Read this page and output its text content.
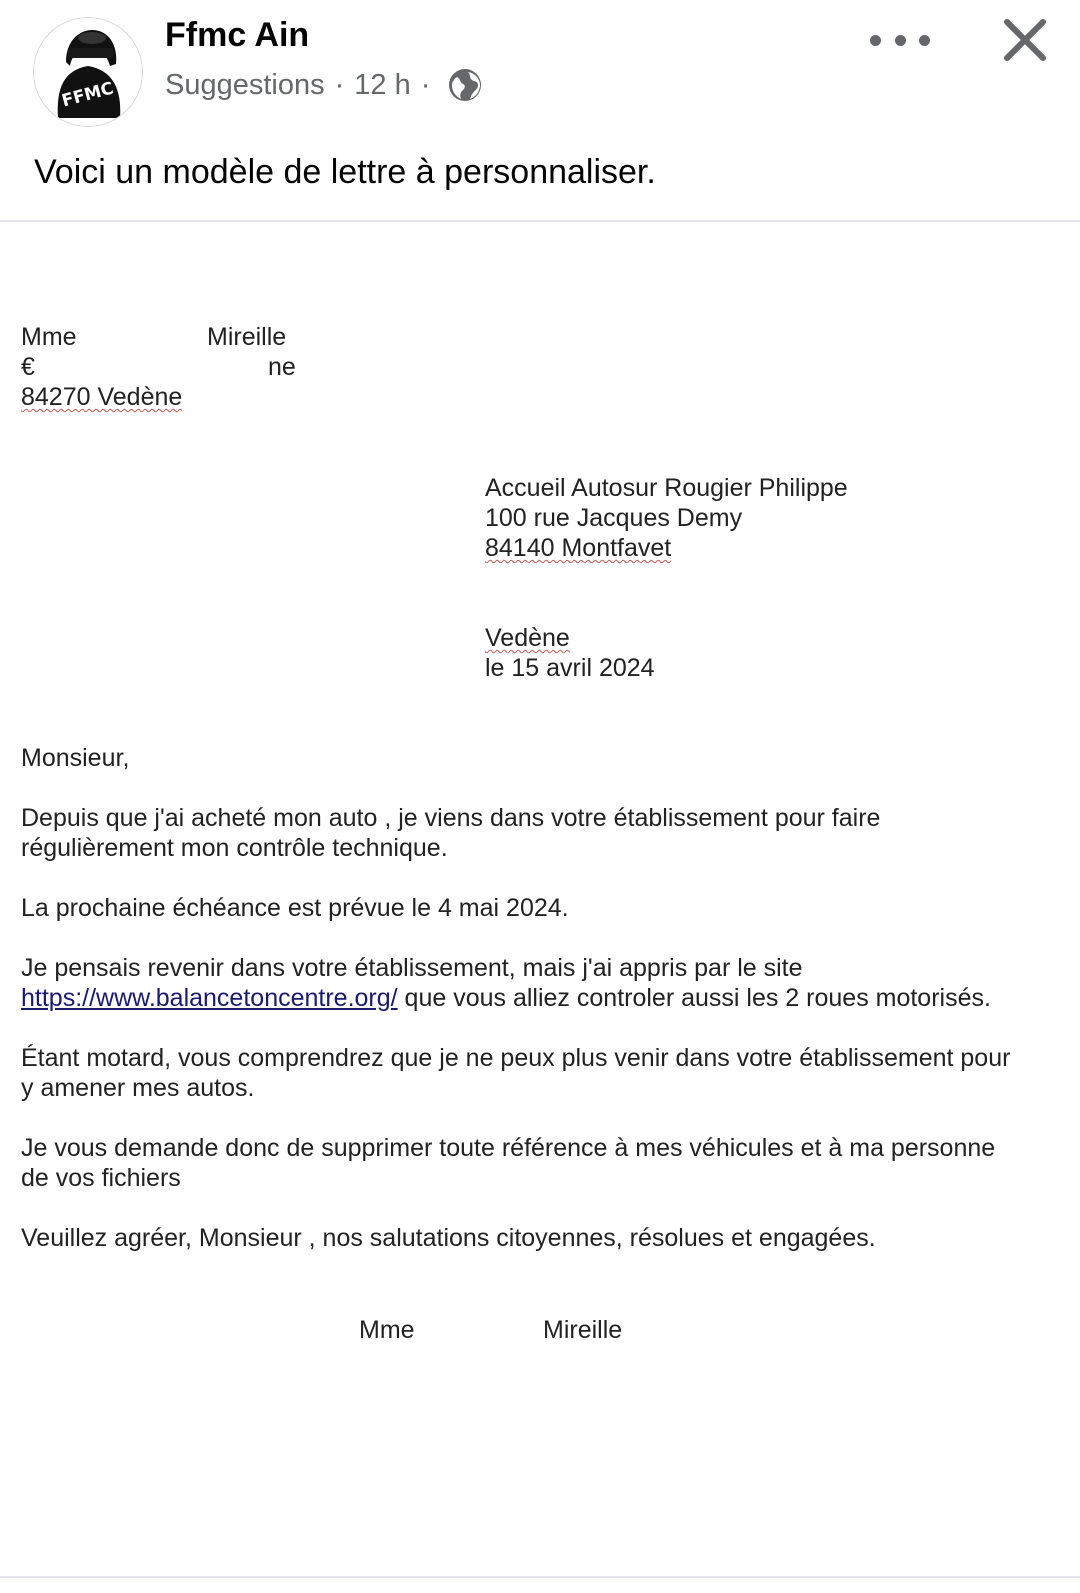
FFMC
Ffmc Ain
Suggestions · 12 h ·
Voici un modèle de lettre à personnaliser.
Mme	Mireille
€	ne
84270 Vedène
Accueil Autosur Rougier Philippe
100 rue Jacques Demy
84140 Montfavet
Vedène
le 15 avril 2024
Monsieur,
Depuis que j'ai acheté mon auto , je viens dans votre établissement pour faire
régulièrement mon contrôle technique.
La prochaine échéance est prévue le 4 mai 2024.
Je pensais revenir dans votre établissement, mais j'ai appris par le site
https://www.balancetoncentre.org/ que vous alliez controler aussi les 2 roues motorisés.
Étant motard, vous comprendrez que je ne peux plus venir dans votre établissement pour
y amener mes autos.
Je vous demande donc de supprimer toute référence à mes véhicules et à ma personne
de vos fichiers
Veuillez agréer, Monsieur , nos salutations citoyennes, résolues et engagées.
Mme	Mireille
